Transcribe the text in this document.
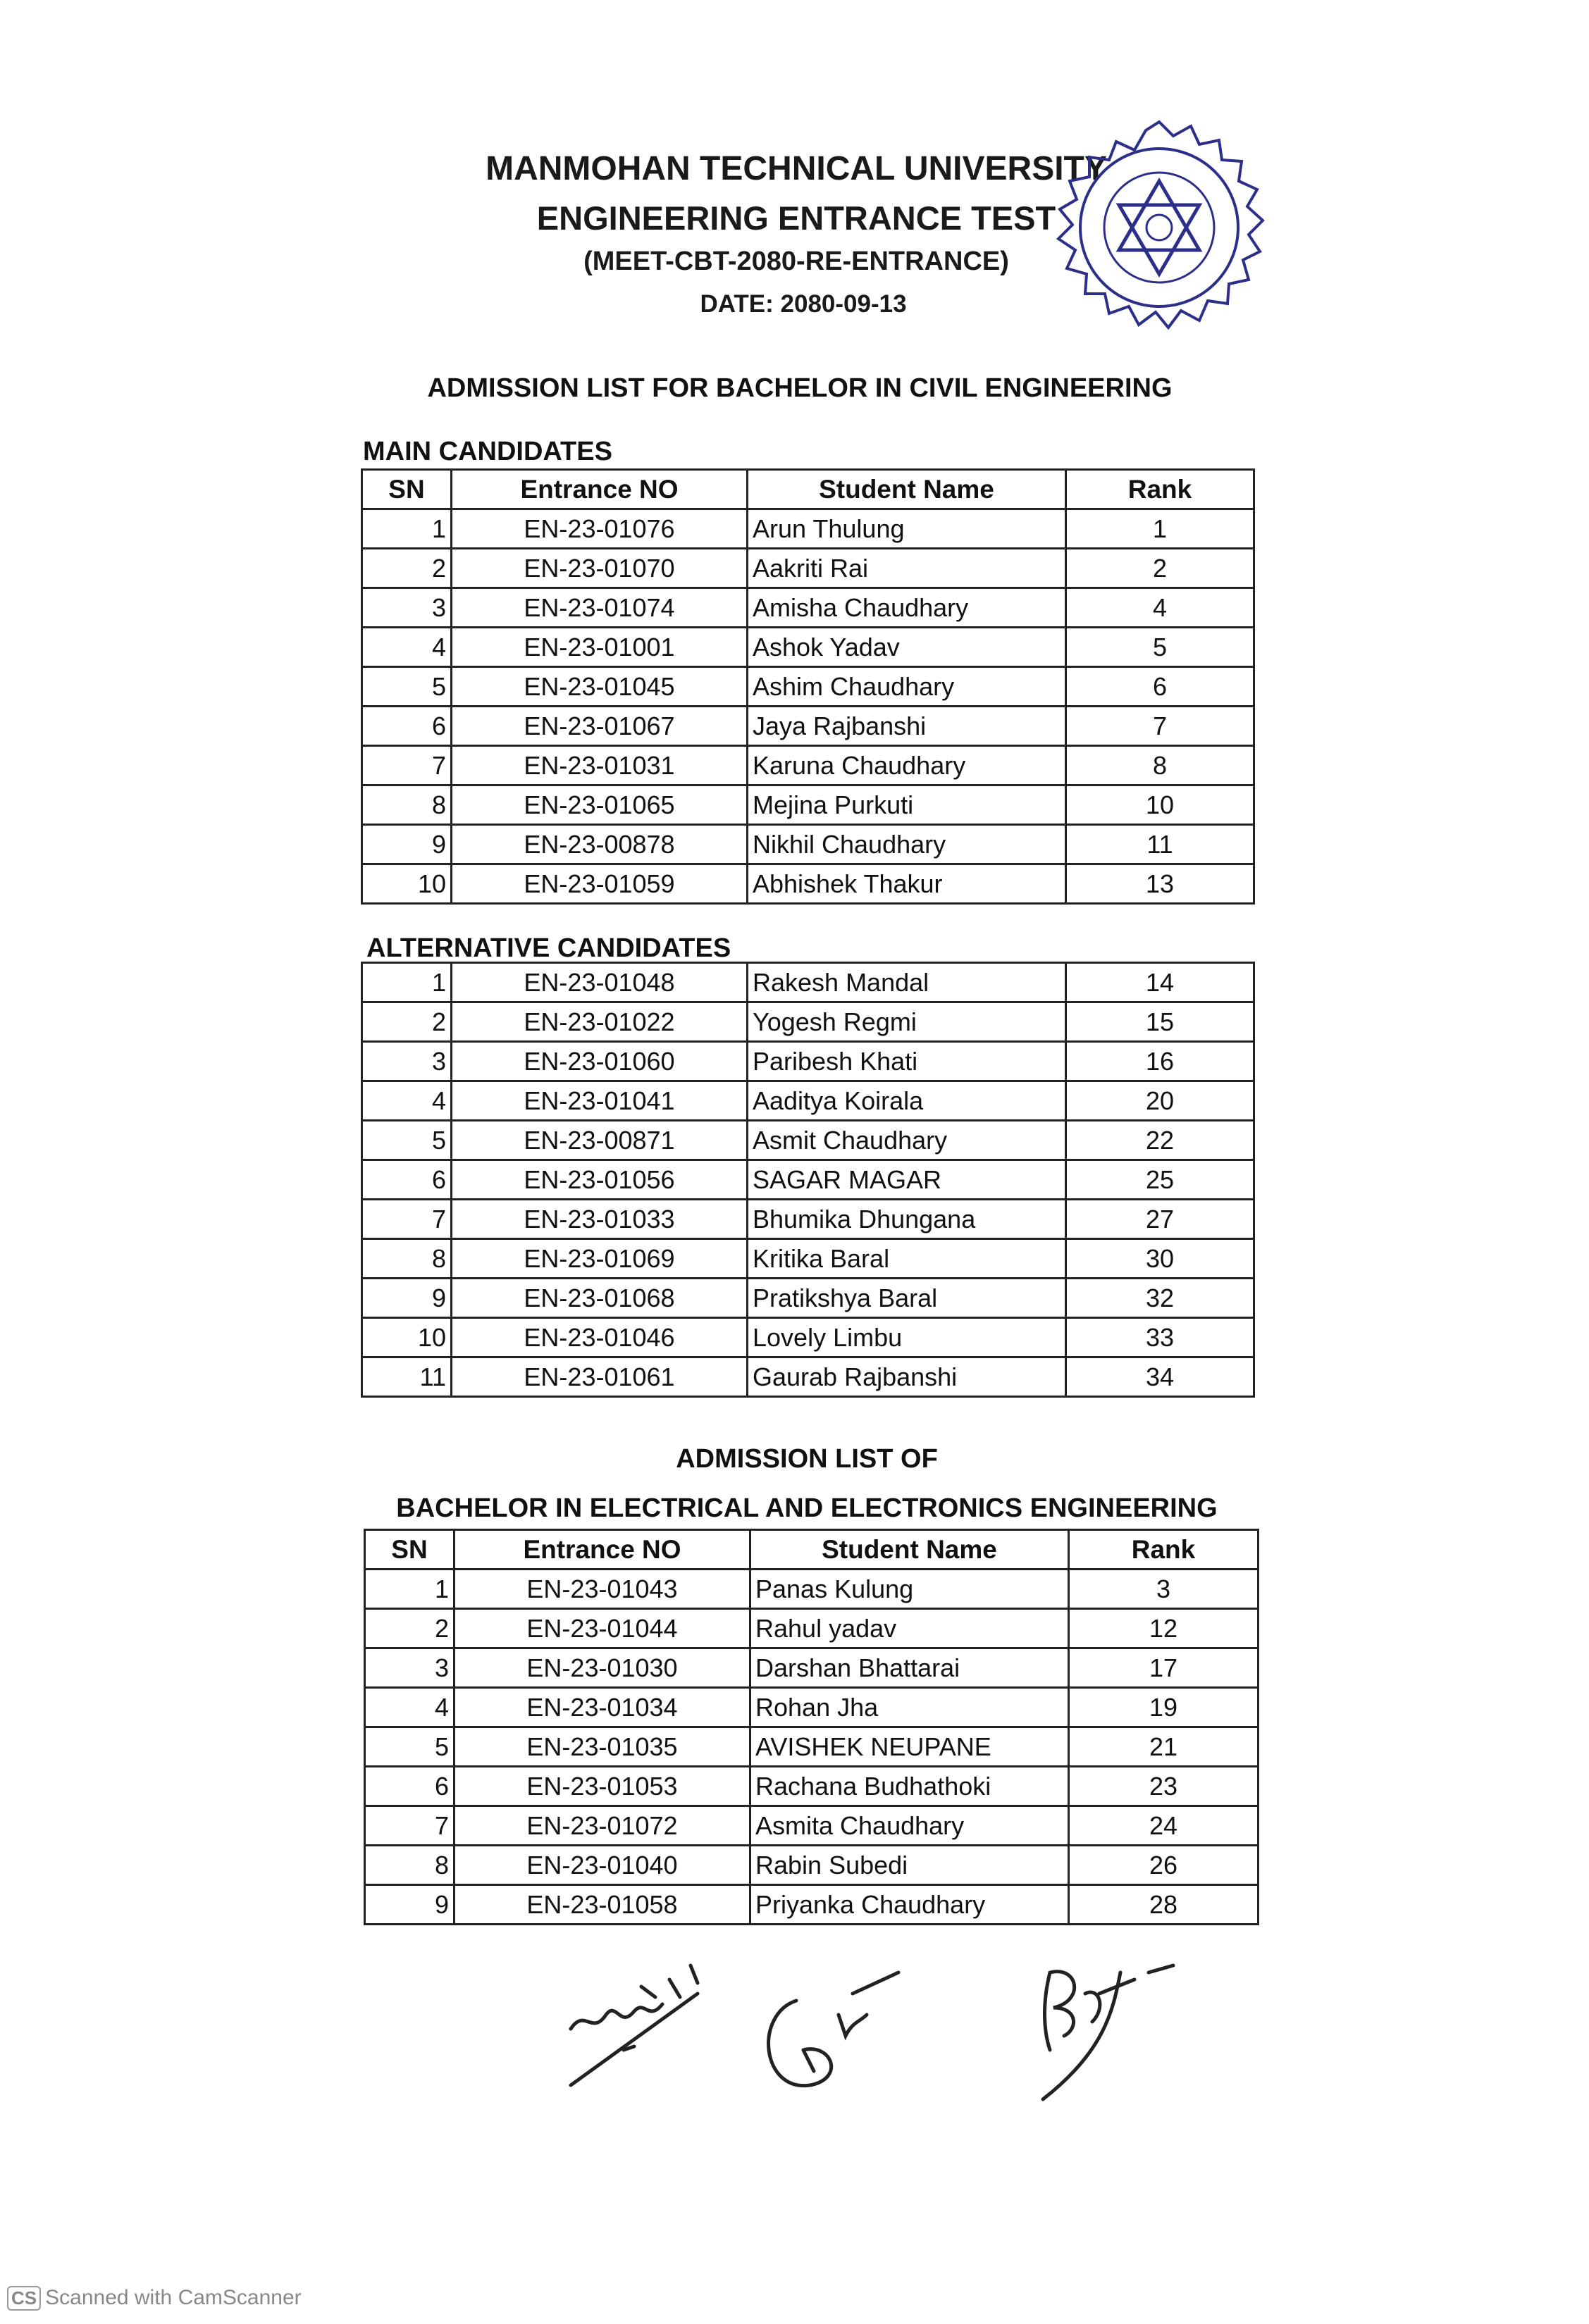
MANMOHAN TECHNICAL UNIVERSITY
ENGINEERING ENTRANCE TEST
(MEET-CBT-2080-RE-ENTRANCE)
DATE: 2080-09-13
ADMISSION LIST FOR BACHELOR IN CIVIL ENGINEERING
MAIN CANDIDATES
SN	Entrance NO	Student Name	Rank
1	EN-23-01076	Arun Thulung	1
2	EN-23-01070	Aakriti Rai	2
3	EN-23-01074	Amisha Chaudhary	4
4	EN-23-01001	Ashok Yadav	5
5	EN-23-01045	Ashim Chaudhary	6
6	EN-23-01067	Jaya Rajbanshi	7
7	EN-23-01031	Karuna Chaudhary	8
8	EN-23-01065	Mejina Purkuti	10
9	EN-23-00878	Nikhil Chaudhary	11
10	EN-23-01059	Abhishek Thakur	13
ALTERNATIVE CANDIDATES
1	EN-23-01048	Rakesh Mandal	14
2	EN-23-01022	Yogesh Regmi	15
3	EN-23-01060	Paribesh Khati	16
4	EN-23-01041	Aaditya Koirala	20
5	EN-23-00871	Asmit Chaudhary	22
6	EN-23-01056	SAGAR MAGAR	25
7	EN-23-01033	Bhumika Dhungana	27
8	EN-23-01069	Kritika Baral	30
9	EN-23-01068	Pratikshya Baral	32
10	EN-23-01046	Lovely Limbu	33
11	EN-23-01061	Gaurab Rajbanshi	34
ADMISSION LIST OF
BACHELOR IN ELECTRICAL AND ELECTRONICS ENGINEERING
SN	Entrance NO	Student Name	Rank
1	EN-23-01043	Panas Kulung	3
2	EN-23-01044	Rahul yadav	12
3	EN-23-01030	Darshan Bhattarai	17
4	EN-23-01034	Rohan Jha	19
5	EN-23-01035	AVISHEK NEUPANE	21
6	EN-23-01053	Rachana Budhathoki	23
7	EN-23-01072	Asmita Chaudhary	24
8	EN-23-01040	Rabin Subedi	26
9	EN-23-01058	Priyanka Chaudhary	28
CS Scanned with CamScanner
